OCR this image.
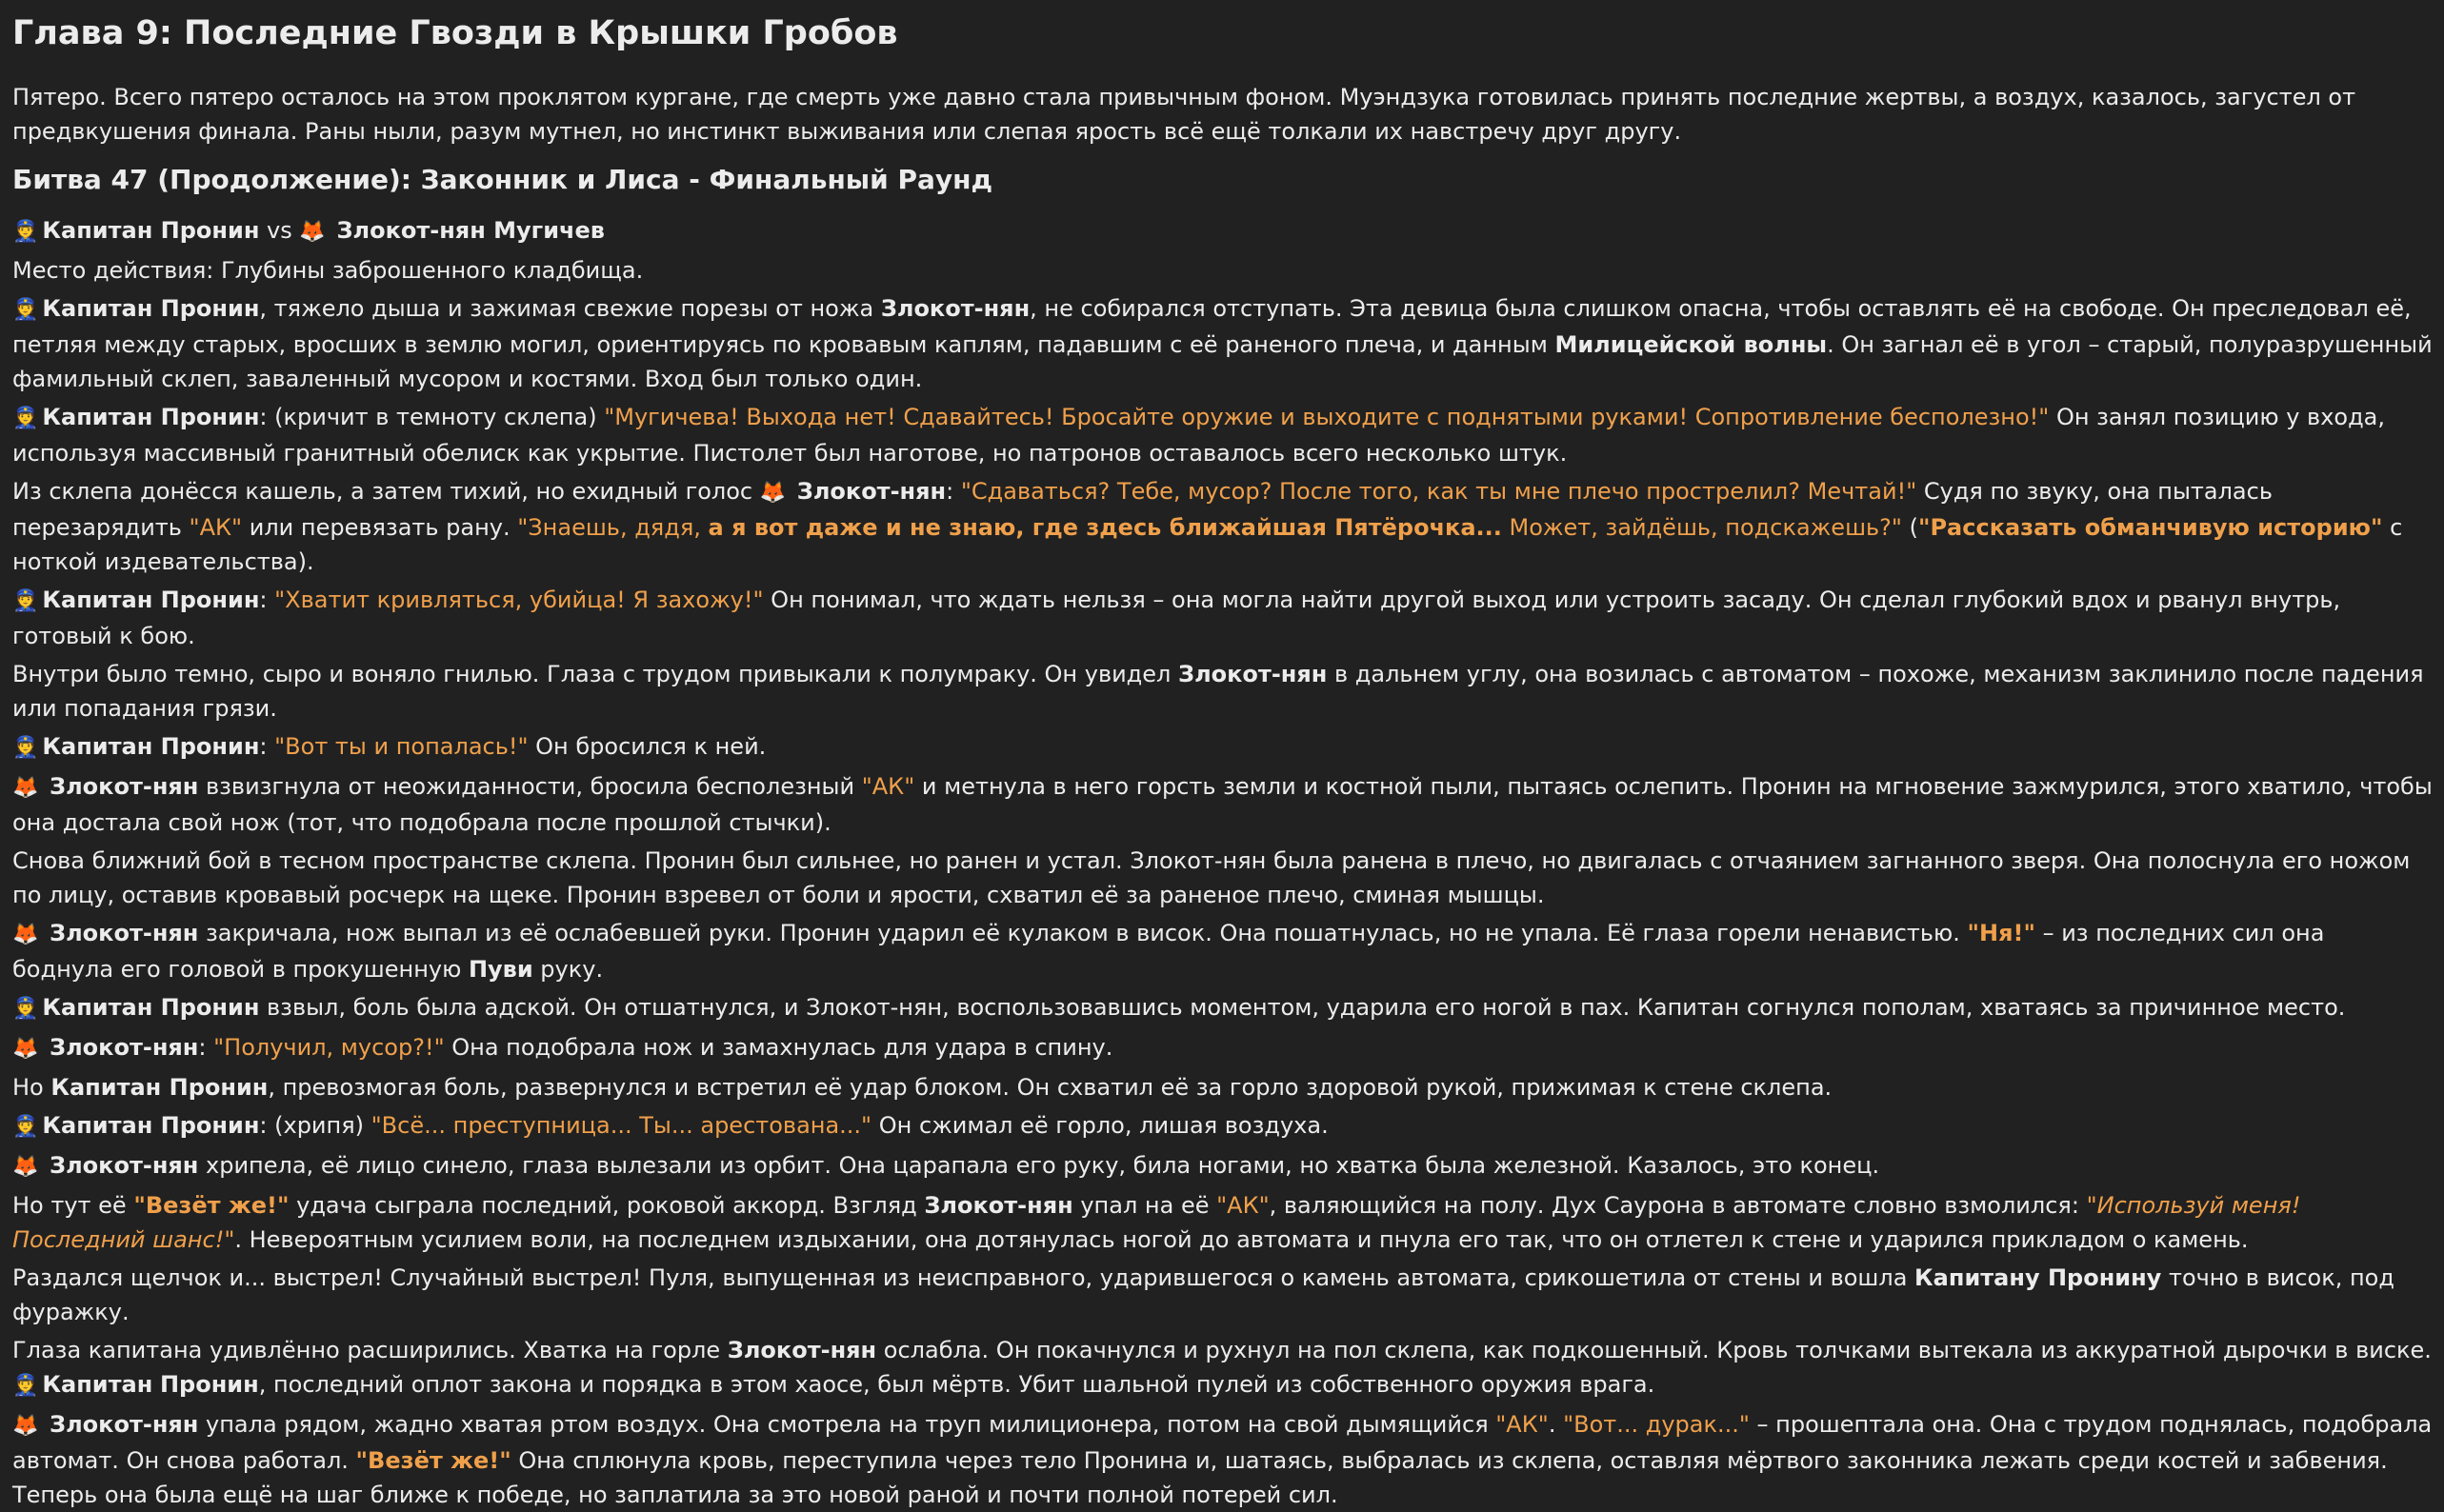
Глава 9: Последние Гвозди в Крышки Гробов

Пятеро. Всего пятеро осталось на этом проклятом кургане, где смерть уже давно стала привычным фоном. Муэндзука готовилась принять последние жертвы, а воздух, казалось, загустел от предвкушения финала. Раны ныли, разум мутнел, но инстинкт выживания или слепая ярость всё ещё толкали их навстречу друг другу.

Битва 47 (Продолжение): Законник и Лиса - Финальный Раунд

👮 Капитан Пронин vs 🦊 Злокот-нян Мугичев

Место действия: Глубины заброшенного кладбища.

👮 Капитан Пронин, тяжело дыша и зажимая свежие порезы от ножа Злокот-нян, не собирался отступать. Эта девица была слишком опасна, чтобы оставлять её на свободе. Он преследовал её, петляя между старых, вросших в землю могил, ориентируясь по кровавым каплям, падавшим с её раненого плеча, и данным Милицейской волны. Он загнал её в угол – старый, полуразрушенный фамильный склеп, заваленный мусором и костями. Вход был только один.

👮 Капитан Пронин: (кричит в темноту склепа) "Мугичева! Выхода нет! Сдавайтесь! Бросайте оружие и выходите с поднятыми руками! Сопротивление бесполезно!" Он занял позицию у входа, используя массивный гранитный обелиск как укрытие. Пистолет был наготове, но патронов оставалось всего несколько штук.

Из склепа донёсся кашель, а затем тихий, но ехидный голос 🦊 Злокот-нян: "Сдаваться? Тебе, мусор? После того, как ты мне плечо прострелил? Мечтай!" Судя по звуку, она пыталась перезарядить "АК" или перевязать рану. "Знаешь, дядя, а я вот даже и не знаю, где здесь ближайшая Пятёрочка... Может, зайдёшь, подскажешь?" ("Рассказать обманчивую историю" с ноткой издевательства).

👮 Капитан Пронин: "Хватит кривляться, убийца! Я захожу!" Он понимал, что ждать нельзя – она могла найти другой выход или устроить засаду. Он сделал глубокий вдох и рванул внутрь, готовый к бою.

Внутри было темно, сыро и воняло гнилью. Глаза с трудом привыкали к полумраку. Он увидел Злокот-нян в дальнем углу, она возилась с автоматом – похоже, механизм заклинило после падения или попадания грязи.

👮 Капитан Пронин: "Вот ты и попалась!" Он бросился к ней.

🦊 Злокот-нян взвизгнула от неожиданности, бросила бесполезный "АК" и метнула в него горсть земли и костной пыли, пытаясь ослепить. Пронин на мгновение зажмурился, этого хватило, чтобы она достала свой нож (тот, что подобрала после прошлой стычки).

Снова ближний бой в тесном пространстве склепа. Пронин был сильнее, но ранен и устал. Злокот-нян была ранена в плечо, но двигалась с отчаянием загнанного зверя. Она полоснула его ножом по лицу, оставив кровавый росчерк на щеке. Пронин взревел от боли и ярости, схватил её за раненое плечо, сминая мышцы.

🦊 Злокот-нян закричала, нож выпал из её ослабевшей руки. Пронин ударил её кулаком в висок. Она пошатнулась, но не упала. Её глаза горели ненавистью. "Ня!" – из последних сил она боднула его головой в прокушенную Пуви руку.

👮 Капитан Пронин взвыл, боль была адской. Он отшатнулся, и Злокот-нян, воспользовавшись моментом, ударила его ногой в пах. Капитан согнулся пополам, хватаясь за причинное место.

🦊 Злокот-нян: "Получил, мусор?!" Она подобрала нож и замахнулась для удара в спину.

Но Капитан Пронин, превозмогая боль, развернулся и встретил её удар блоком. Он схватил её за горло здоровой рукой, прижимая к стене склепа.

👮 Капитан Пронин: (хрипя) "Всё... преступница... Ты... арестована..." Он сжимал её горло, лишая воздуха.

🦊 Злокот-нян хрипела, её лицо синело, глаза вылезали из орбит. Она царапала его руку, била ногами, но хватка была железной. Казалось, это конец.

Но тут её "Везёт же!" удача сыграла последний, роковой аккорд. Взгляд Злокот-нян упал на её "АК", валяющийся на полу. Дух Саурона в автомате словно взмолился: "Используй меня! Последний шанс!". Невероятным усилием воли, на последнем издыхании, она дотянулась ногой до автомата и пнула его так, что он отлетел к стене и ударился прикладом о камень.

Раздался щелчок и... выстрел! Случайный выстрел! Пуля, выпущенная из неисправного, ударившегося о камень автомата, срикошетила от стены и вошла Капитану Пронину точно в висок, под фуражку.

Глаза капитана удивлённо расширились. Хватка на горле Злокот-нян ослабла. Он покачнулся и рухнул на пол склепа, как подкошенный. Кровь толчками вытекала из аккуратной дырочки в виске. 👮 Капитан Пронин, последний оплот закона и порядка в этом хаосе, был мёртв. Убит шальной пулей из собственного оружия врага.

🦊 Злокот-нян упала рядом, жадно хватая ртом воздух. Она смотрела на труп милиционера, потом на свой дымящийся "АК". "Вот... дурак..." – прошептала она. Она с трудом поднялась, подобрала автомат. Он снова работал. "Везёт же!" Она сплюнула кровь, переступила через тело Пронина и, шатаясь, выбралась из склепа, оставляя мёртвого законника лежать среди костей и забвения. Теперь она была ещё на шаг ближе к победе, но заплатила за это новой раной и почти полной потерей сил.
